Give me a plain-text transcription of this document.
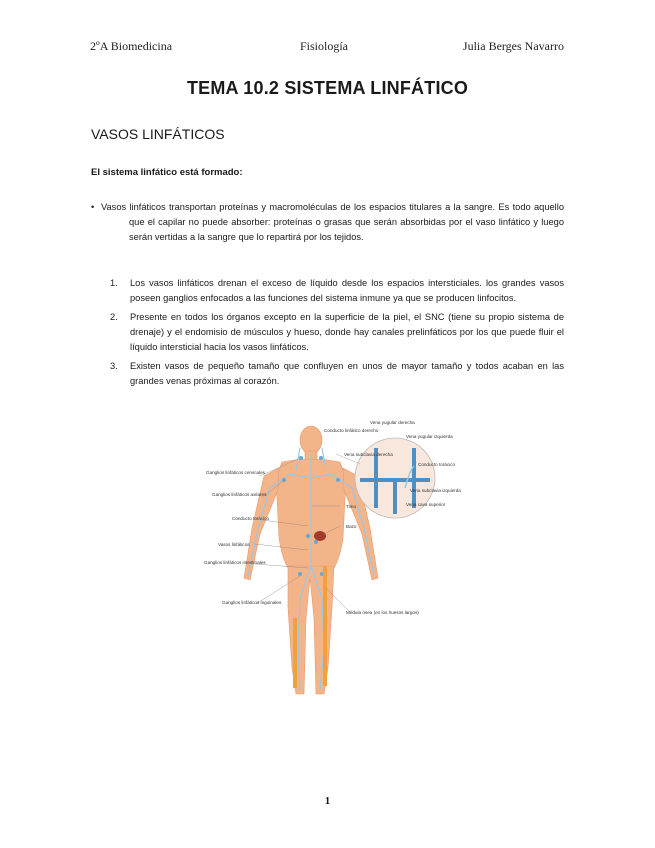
2ºA Biomedicina	Fisiología	Julia Berges Navarro
TEMA 10.2 SISTEMA LINFÁTICO
VASOS LINFÁTICOS
El sistema linfático está formado:
• Vasos linfáticos transportan proteínas y macromoléculas de los espacios titulares a la sangre. Es todo aquello que el capilar no puede absorber: proteínas o grasas que serán absorbidas por el vaso linfático y luego serán vertidas a la sangre que lo repartirá por los tejidos.
1. Los vasos linfáticos drenan el exceso de líquido desde los espacios intersticiales. los grandes vasos poseen ganglios enfocados a las funciones del sistema inmune ya que se producen linfocitos.
2. Presente en todos los órganos excepto en la superficie de la piel, el SNC (tiene su propio sistema de drenaje) y el endomisio de músculos y hueso, donde hay canales prelinfáticos por los que puede fluir el líquido intersticial hacia los vasos linfáticos.
3. Existen vasos de pequeño tamaño que confluyen en unos de mayor tamaño y todos acaban en las grandes venas próximas al corazón.
Vena yugular derecha
Conducto linfático derecho
Vena yugular izquierda
Vena subclavia derecha
Conducto torácico
Vena subclavia izquierda
Vena cava superior
Ganglios linfáticos cervicales
Ganglios linfáticos axilares
Conducto torácico
Timo
Bazo
Vasos linfáticos
Ganglios linfáticos intestinales
Ganglios linfáticos inguinales
Médula ósea (en los huesos largos)
1
